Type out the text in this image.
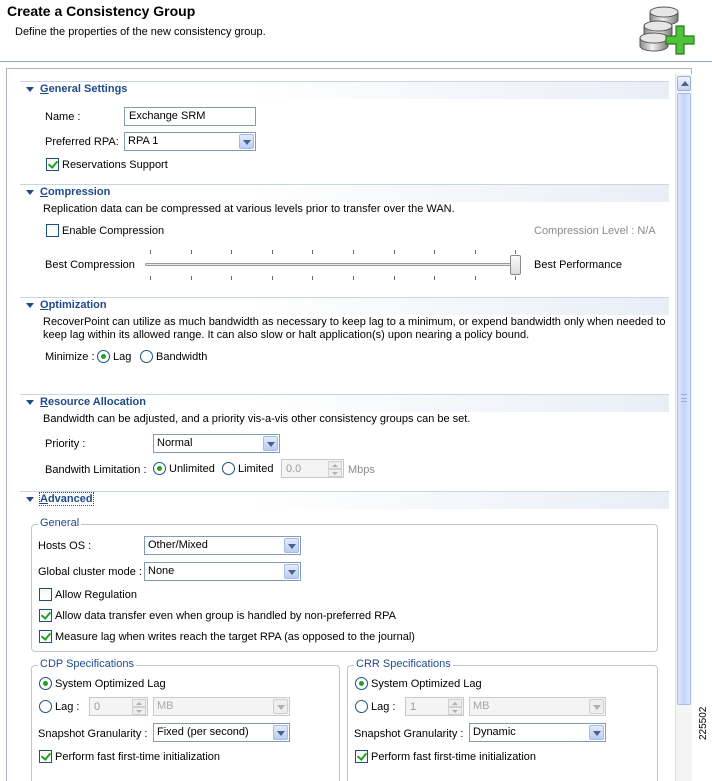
Create a Consistency Group
Define the properties of the new consistency group.
General Settings
Name :	Exchange SRM
Preferred RPA: RPA 1
Reservations Support
Compression
Replication data can be compressed at various levels prior to transfer over the WAN.
Enable Compression	Compression Level : N/A
Best Compression	Best Performance
Optimization
RecoverPoint can utilize as much bandwidth as necessary to keep lag to a minimum, or expend bandwidth only when needed to
keep lag within its allowed range. It can also slow or halt application(s) upon nearing a policy bound.
Minimize : Lag Bandwidth
Resource Allocation
Bandwidth can be adjusted, and a priority vis-a-vis other consistency groups can be set.
Priority :	Normal
Bandwith Limitation : Unlimited Limited 0.0	Mbps
Advanced
General
Hosts OS :	Other/Mixed
Global cluster mode : None
Allow Regulation
Allow data transfer even when group is handled by non-preferred RPA
Measure lag when writes reach the target RPA (as opposed to the journal)
CDP Specifications
System Optimized Lag
Lag : 0	MB
Snapshot Granularity : Fixed (per second)
Perform fast first-time initialization
CRR Specifications
System Optimized Lag
Lag : 1	MB
Snapshot Granularity : Dynamic
Perform fast first-time initialization
225502
